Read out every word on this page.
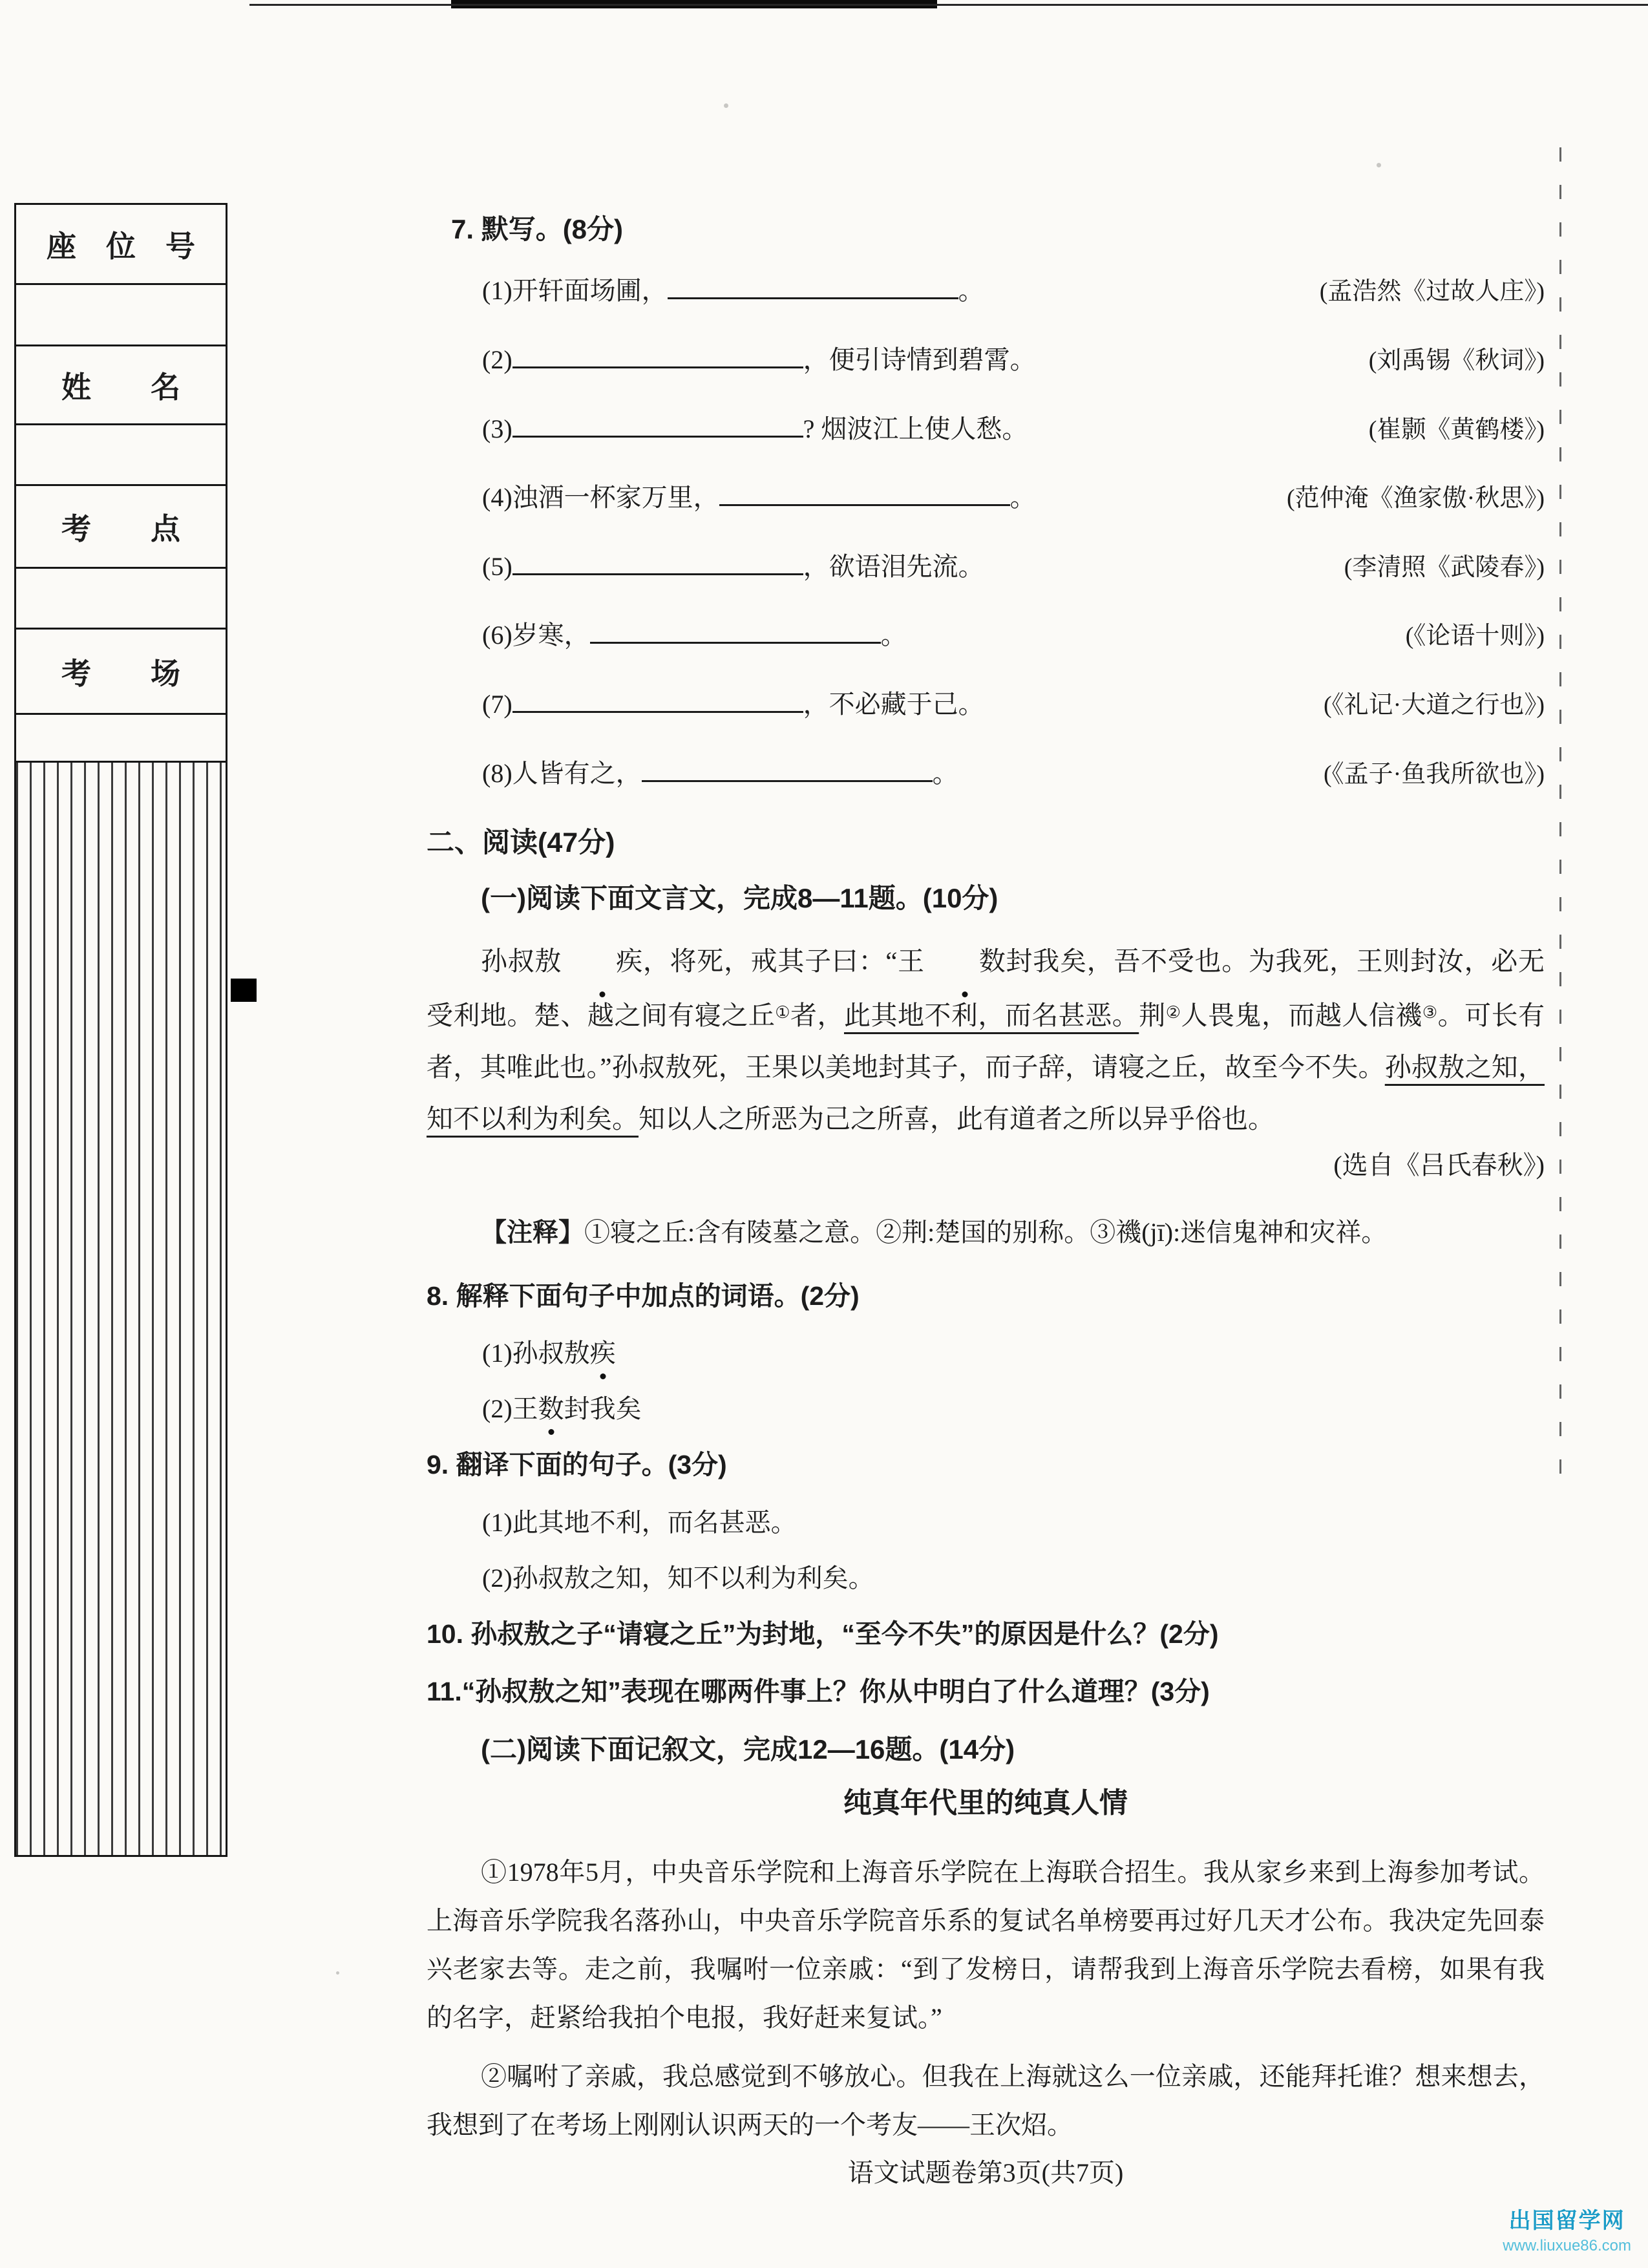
座　位　号
姓　　名
考　　点
考　　场
7. 默写。(8分)
(1)开轩面场圃，	。	(孟浩然《过故人庄》)
(2)	，便引诗情到碧霄。	(刘禹锡《秋词》)
(3)	? 烟波江上使人愁。	(崔颢《黄鹤楼》)
(4)浊酒一杯家万里，	。	(范仲淹《渔家傲·秋思》)
(5)	，欲语泪先流。	(李清照《武陵春》)
(6)岁寒，	。	(《论语十则》)
(7)	，不必藏于己。	(《礼记·大道之行也》)
(8)人皆有之，	。	(《孟子·鱼我所欲也》)
二、阅读(47分)
(一)阅读下面文言文，完成8—11题。(10分)

孙叔敖 疾，将死，戒其子曰：“王 数封我矣，吾不受也。为我死，王则封汝，必无受利地。楚、越之间有寝之丘①者，此其地不利，而名甚恶。荆②人畏鬼，而越人信禨③。可长有者，其唯此也。”孙叔敖死，王果以美地封其子，而子辞，请寝之丘，故至今不失。孙叔敖之知，知不以利为利矣。知以人之所恶为己之所喜，此有道者之所以异乎俗也。

(选自《吕氏春秋》)
【注释】①寝之丘:含有陵墓之意。②荆:楚国的别称。③禨(jī):迷信鬼神和灾祥。
8. 解释下面句子中加点的词语。(2分)
(1)孙叔敖疾
(2)王数封我矣
9. 翻译下面的句子。(3分)
(1)此其地不利，而名甚恶。
(2)孙叔敖之知，知不以利为利矣。
10. 孙叔敖之子“请寝之丘”为封地，“至今不失”的原因是什么？(2分)
11.“孙叔敖之知”表现在哪两件事上？你从中明白了什么道理？(3分)
(二)阅读下面记叙文，完成12—16题。(14分)
纯真年代里的纯真人情

①1978年5月，中央音乐学院和上海音乐学院在上海联合招生。我从家乡来到上海参加考试。上海音乐学院我名落孙山，中央音乐学院音乐系的复试名单榜要再过好几天才公布。我决定先回泰兴老家去等。走之前，我嘱咐一位亲戚：“到了发榜日，请帮我到上海音乐学院去看榜，如果有我的名字，赶紧给我拍个电报，我好赶来复试。”

②嘱咐了亲戚，我总感觉到不够放心。但我在上海就这么一位亲戚，还能拜托谁？想来想去，我想到了在考场上刚刚认识两天的一个考友——王次炤。

语文试题卷第3页(共7页)
出国留学网
www.liuxue86.com
